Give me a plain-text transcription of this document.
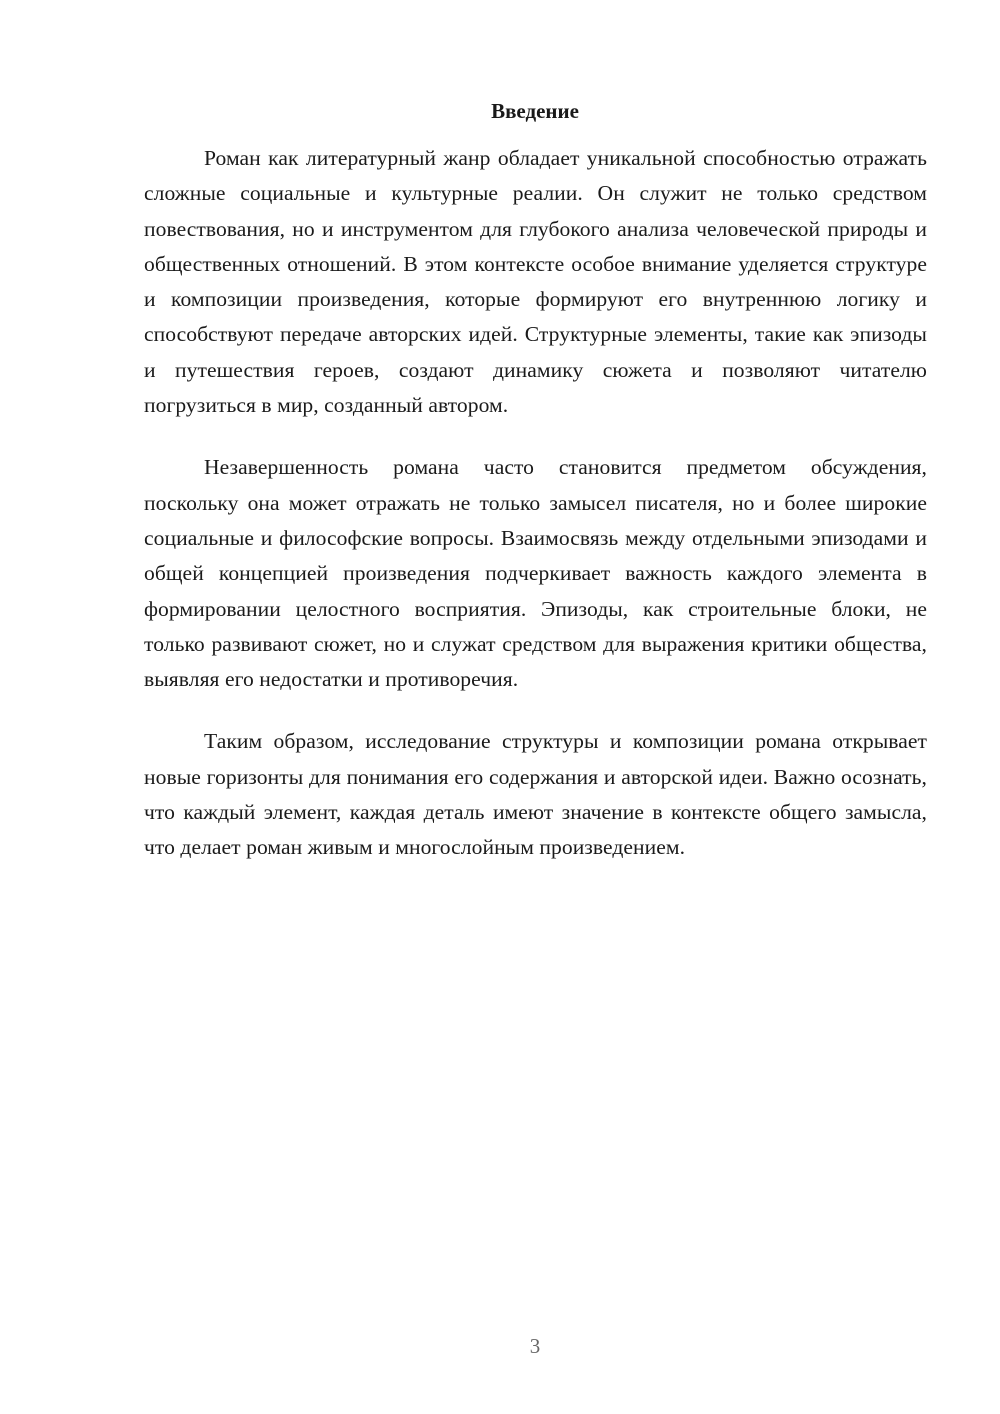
Введение

Роман как литературный жанр обладает уникальной способностью отражать сложные социальные и культурные реалии. Он служит не только средством повествования, но и инструментом для глубокого анализа человеческой природы и общественных отношений. В этом контексте особое внимание уделяется структуре и композиции произведения, которые формируют его внутреннюю логику и способствуют передаче авторских идей. Структурные элементы, такие как эпизоды и путешествия героев, создают динамику сюжета и позволяют читателю погрузиться в мир, созданный автором.

Незавершенность романа часто становится предметом обсуждения, поскольку она может отражать не только замысел писателя, но и более широкие социальные и философские вопросы. Взаимосвязь между отдельными эпизодами и общей концепцией произведения подчеркивает важность каждого элемента в формировании целостного восприятия. Эпизоды, как строительные блоки, не только развивают сюжет, но и служат средством для выражения критики общества, выявляя его недостатки и противоречия.

Таким образом, исследование структуры и композиции романа открывает новые горизонты для понимания его содержания и авторской идеи. Важно осознать, что каждый элемент, каждая деталь имеют значение в контексте общего замысла, что делает роман живым и многослойным произведением.

3
